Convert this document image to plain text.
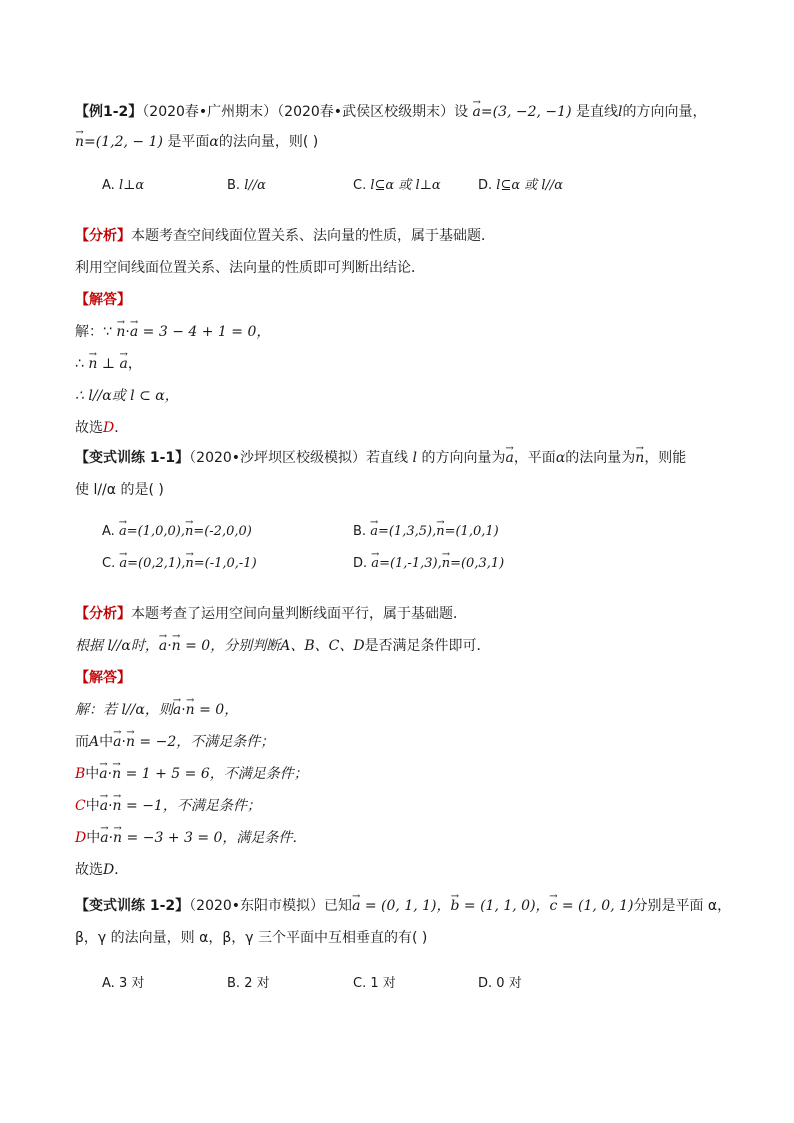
【例1-2】（2020春•广州期末）（2020春•武侯区校级期末）设 → a=(3, −2, −1) 是直线l的方向向量，
→ n=(1,2, − 1) 是平面α的法向量，则( )
A. l⊥α	B. l//α	C. l⊆α 或 l⊥α	D. l⊆α 或 l//α
【分析】本题考查空间线面位置关系、法向量的性质，属于基础题．
利用空间线面位置关系、法向量的性质即可判断出结论．
【解答】
解：∵ → n·→ a = 3 − 4 + 1 = 0，
∴ → n ⊥ → a，
∴ l//α或 l ⊂ α，
故选D．
【变式训练 1-1】（2020•沙坪坝区校级模拟）若直线 l 的方向向量为→ a，平面α的法向量为→ n，则能
使 l//α 的是( )
A. → a=(1,0,0),→ n=(-2,0,0)	B. → a=(1,3,5),→ n=(1,0,1)
C. → a=(0,2,1),→ n=(-1,0,-1)	D. → a=(1,-1,3),→ n=(0,3,1)
【分析】本题考查了运用空间向量判断线面平行，属于基础题．
根据 l//α时，→ a·→ n = 0，分别判断A、B、C、D是否满足条件即可．
【解答】
解：若 l//α，则→ a·→ n = 0，
而A中→ a·→ n = −2，不满足条件；
B中→ a·→ n = 1 + 5 = 6，不满足条件；
C中→ a·→ n = −1，不满足条件；
D中→ a·→ n = −3 + 3 = 0，满足条件．
故选D．
【变式训练 1-2】（2020•东阳市模拟）已知→ a = (0, 1, 1)，→ b = (1, 1, 0)，→ c = (1, 0, 1)分别是平面 α，
β，γ 的法向量，则 α，β，γ 三个平面中互相垂直的有( )
A. 3 对	B. 2 对	C. 1 对	D. 0 对
